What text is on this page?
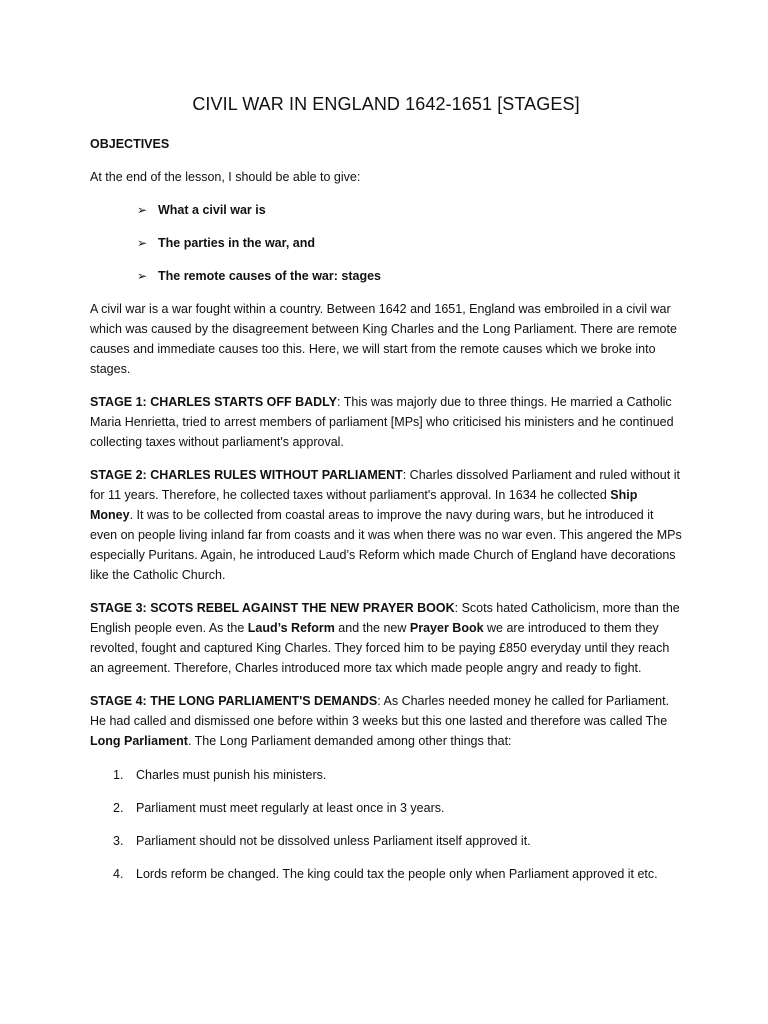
CIVIL WAR IN ENGLAND 1642-1651 [STAGES]
OBJECTIVES
At the end of the lesson, I should be able to give:
➢ What a civil war is
➢ The parties in the war, and
➢ The remote causes of the war: stages

A civil war is a war fought within a country. Between 1642 and 1651, England was embroiled in a civil war which was caused by the disagreement between King Charles and the Long Parliament. There are remote causes and immediate causes too this. Here, we will start from the remote causes which we broke into stages.

STAGE 1: CHARLES STARTS OFF BADLY: This was majorly due to three things. He married a Catholic Maria Henrietta, tried to arrest members of parliament [MPs] who criticised his ministers and he continued collecting taxes without parliament's approval.

STAGE 2: CHARLES RULES WITHOUT PARLIAMENT: Charles dissolved Parliament and ruled without it for 11 years. Therefore, he collected taxes without parliament's approval. In 1634 he collected Ship Money. It was to be collected from coastal areas to improve the navy during wars, but he introduced it even on people living inland far from coasts and it was when there was no war even. This angered the MPs especially Puritans. Again, he introduced Laud’s Reform which made Church of England have decorations like the Catholic Church.

STAGE 3: SCOTS REBEL AGAINST THE NEW PRAYER BOOK: Scots hated Catholicism, more than the English people even. As the Laud’s Reform and the new Prayer Book we are introduced to them they revolted, fought and captured King Charles. They forced him to be paying £850 everyday until they reach an agreement. Therefore, Charles introduced more tax which made people angry and ready to fight.

STAGE 4: THE LONG PARLIAMENT'S DEMANDS: As Charles needed money he called for Parliament. He had called and dismissed one before within 3 weeks but this one lasted and therefore was called The Long Parliament. The Long Parliament demanded among other things that:

1.	Charles must punish his ministers.
2.	Parliament must meet regularly at least once in 3 years.
3.	Parliament should not be dissolved unless Parliament itself approved it.
4.	Lords reform be changed. The king could tax the people only when Parliament approved it etc.
